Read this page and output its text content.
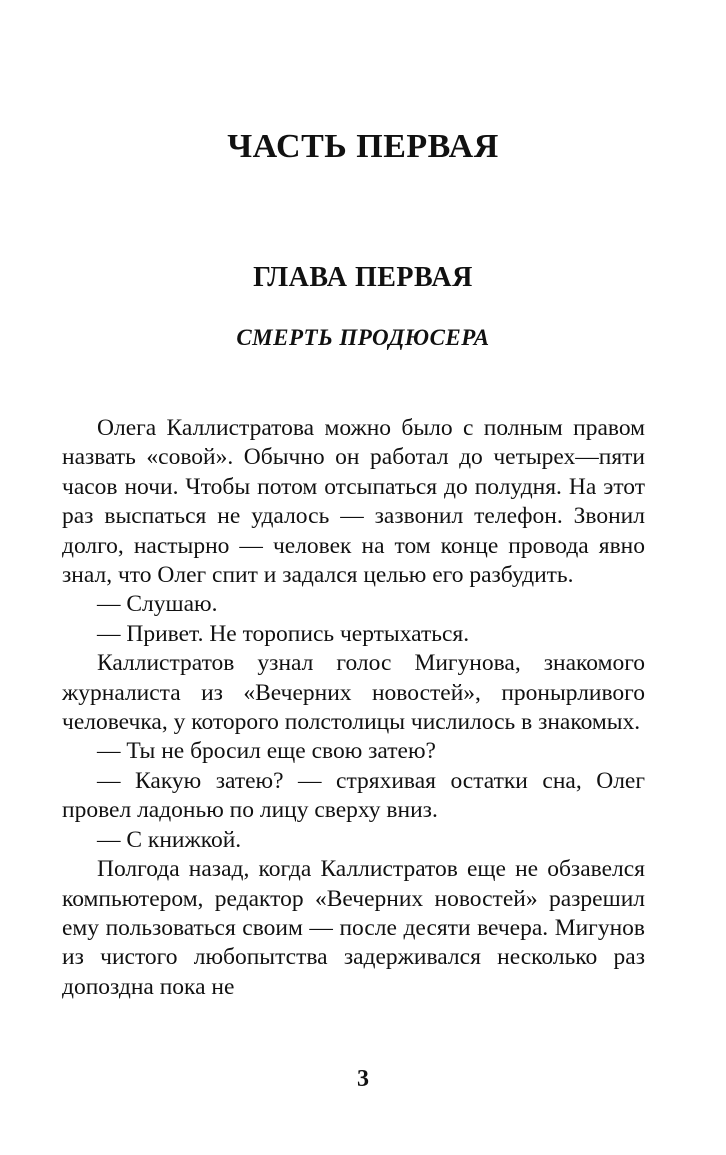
ЧАСТЬ ПЕРВАЯ
ГЛАВА ПЕРВАЯ
СМЕРТЬ ПРОДЮСЕРА

Олега Каллистратова можно было с полным правом назвать «совой». Обычно он работал до четырех—пяти часов ночи. Чтобы потом отсыпаться до полудня. На этот раз выспаться не удалось — зазвонил телефон. Звонил долго, настырно — человек на том конце провода явно знал, что Олег спит и задался целью его разбудить.

— Слушаю.

— Привет. Не торопись чертыхаться.

Каллистратов узнал голос Мигунова, знакомого журналиста из «Вечерних новостей», пронырливого человечка, у которого полстолицы числилось в знакомых.

— Ты не бросил еще свою затею?

— Какую затею? — стряхивая остатки сна, Олег провел ладонью по лицу сверху вниз.

— С книжкой.

Полгода назад, когда Каллистратов еще не обзавелся компьютером, редактор «Вечерних новостей» разрешил ему пользоваться своим — после десяти вечера. Мигунов из чистого любопытства задерживался несколько раз допоздна пока не

3
